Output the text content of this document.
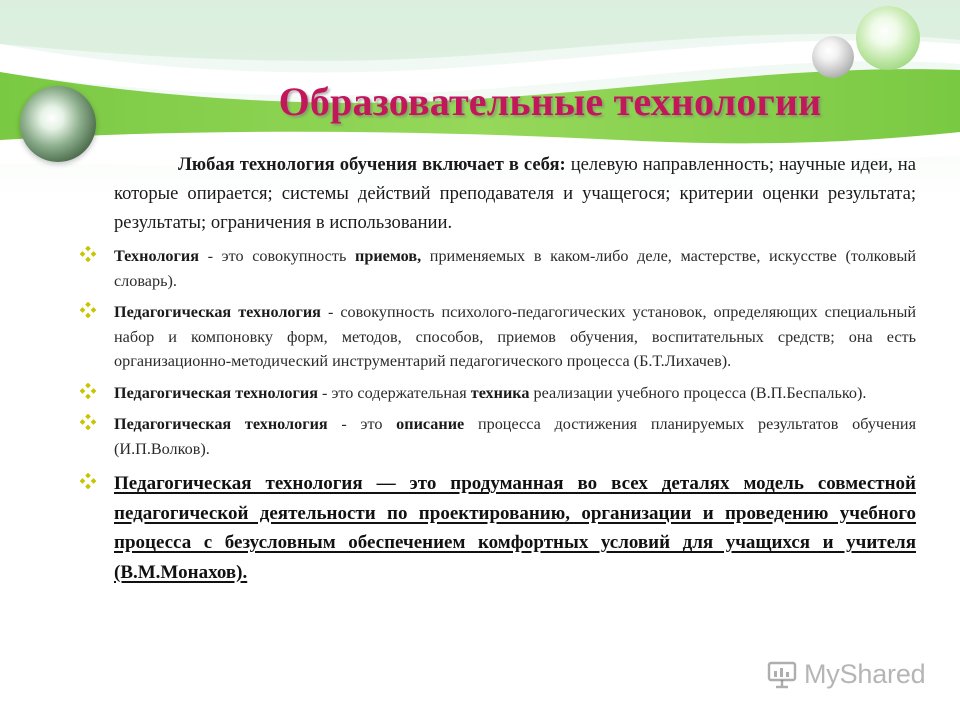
Образовательные технологии

Любая технология обучения включает в себя: целевую направленность; научные идеи, на которые опирается; системы действий преподавателя и учащегося; критерии оценки результата; результаты; ограничения в использовании.

Технология - это совокупность приемов, применяемых в каком-либо деле, мастерстве, искусстве (толковый словарь).

Педагогическая технология - совокупность психолого-педагогических установок, определяющих специальный набор и компоновку форм, методов, способов, приемов обучения, воспитательных средств; она есть организационно-методический инструментарий педагогического процесса (Б.Т.Лихачев).

Педагогическая технология - это содержательная техника реализации учебного процесса (В.П.Беспалько).

Педагогическая технология - это описание процесса достижения планируемых результатов обучения (И.П.Волков).

Педагогическая технология — это продуманная во всех деталях модель совместной педагогической деятельности по проектированию, организации и проведению учебного процесса с безусловным обеспечением комфортных условий для учащихся и учителя (В.М.Монахов).

MyShared
